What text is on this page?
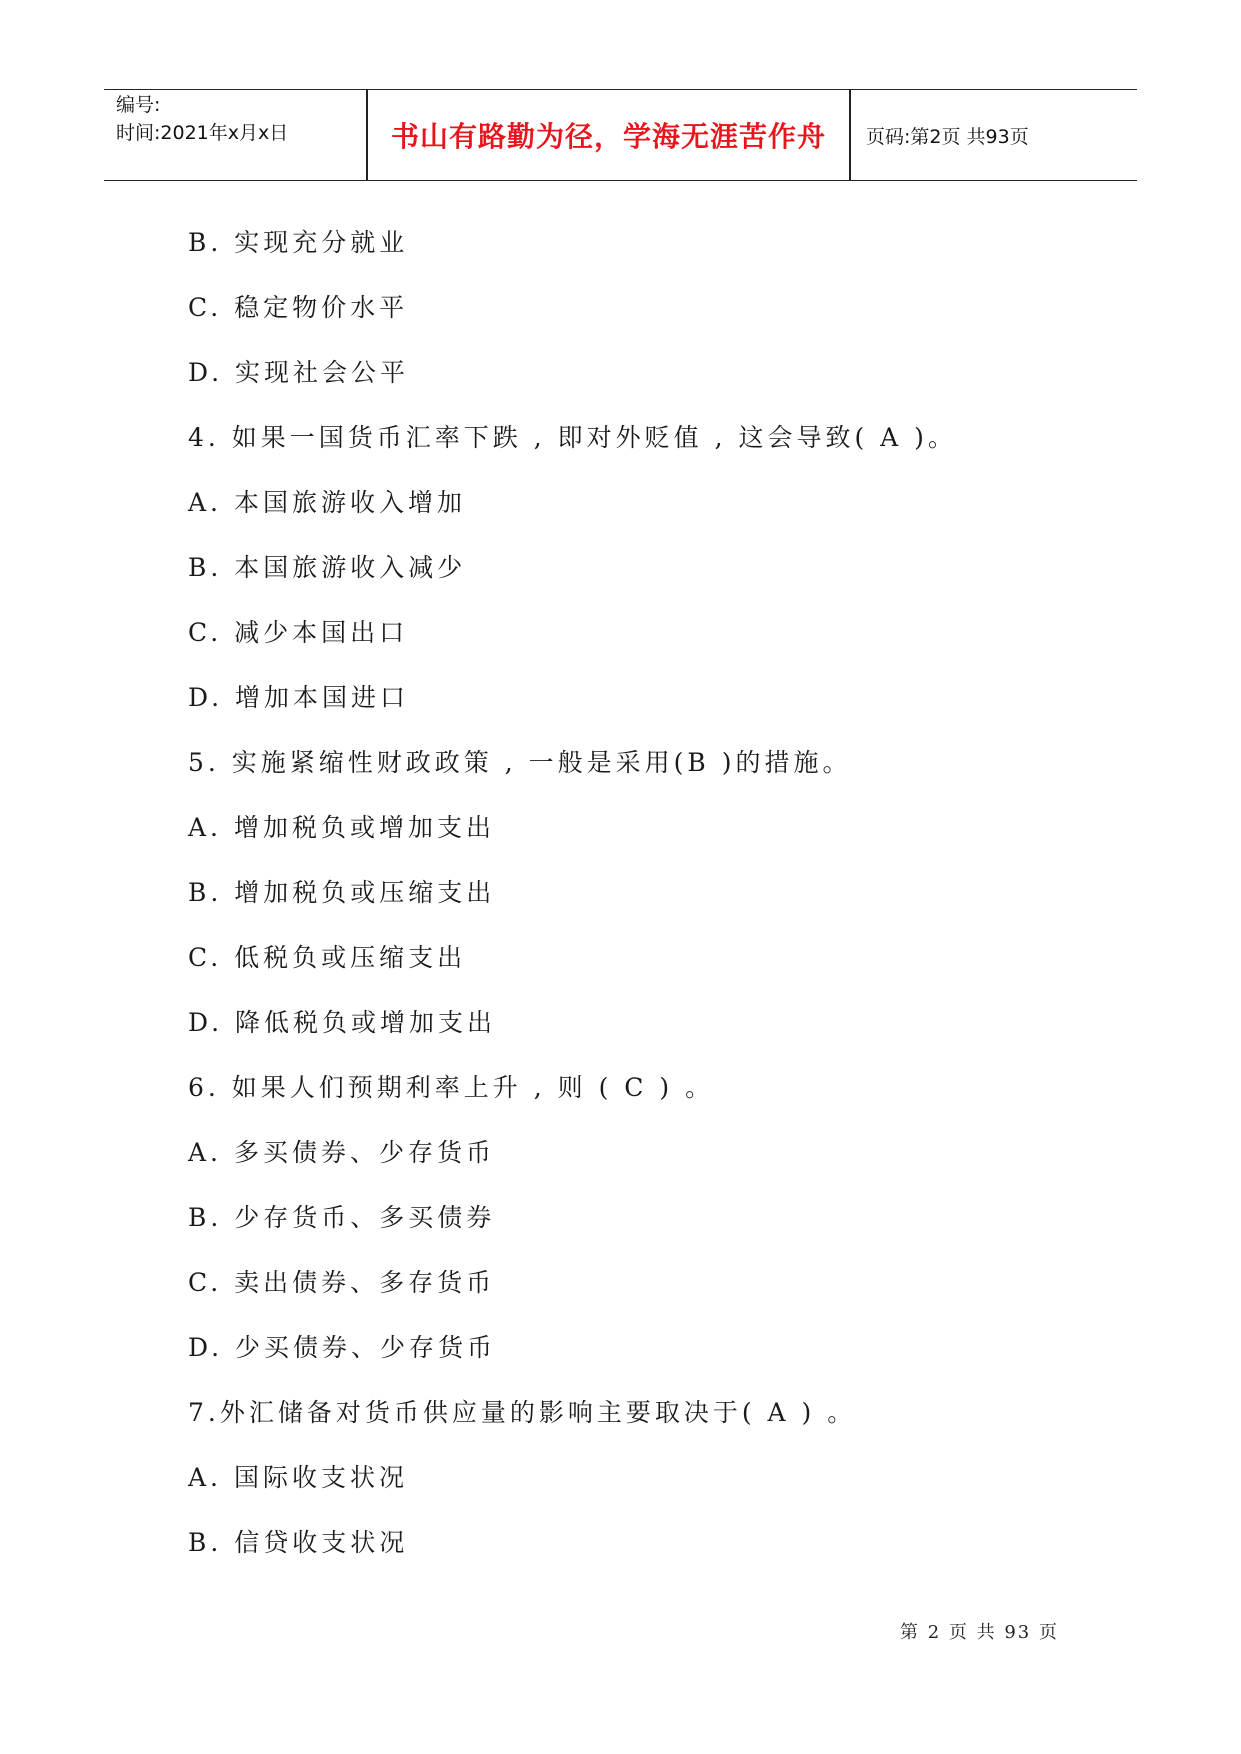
编号:
时间:2021年x月x日	书山有路勤为径，学海无涯苦作舟	页码:第2页 共93页
B. 实现充分就业
C. 稳定物价水平
D. 实现社会公平
4. 如果一国货币汇率下跌 , 即对外贬值 , 这会导致( A )。
A. 本国旅游收入增加
B. 本国旅游收入减少
C. 减少本国出口
D. 增加本国进口
5. 实施紧缩性财政政策 , 一般是采用(B )的措施。
A. 增加税负或增加支出
B. 增加税负或压缩支出
C. 低税负或压缩支出
D. 降低税负或增加支出
6. 如果人们预期利率上升 , 则 ( C ) 。
A. 多买债券、少存货币
B. 少存货币、多买债券
C. 卖出债券、多存货币
D. 少买债券、少存货币
7.外汇储备对货币供应量的影响主要取决于( A ) 。
A. 国际收支状况
B. 信贷收支状况
第 2 页 共 93 页
